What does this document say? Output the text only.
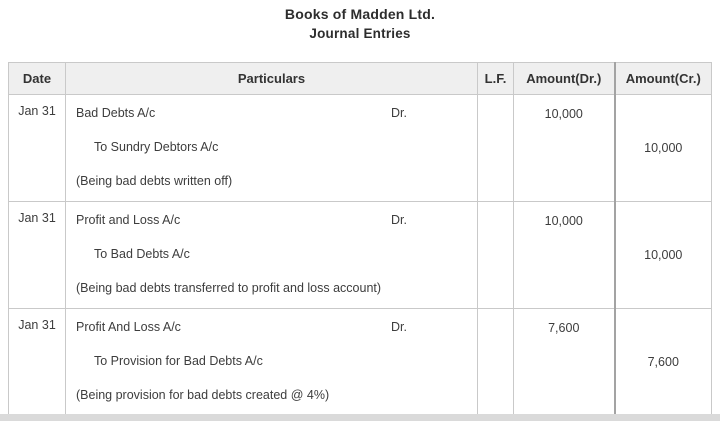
Books of Madden Ltd.
Journal Entries
Date	Particulars	L.F.	Amount(Dr.)	Amount(Cr.)
Jan 31	Bad Debts A/c Dr.
To Sundry Debtors A/c
(Being bad debts written off)		10,000	10,000

Jan 31	Profit and Loss A/c Dr.
To Bad Debts A/c
(Being bad debts transferred to profit and loss account)		10,000	10,000

Jan 31	Profit And Loss A/c Dr.
To Provision for Bad Debts A/c
(Being provision for bad debts created @ 4%)		7,600	7,600
